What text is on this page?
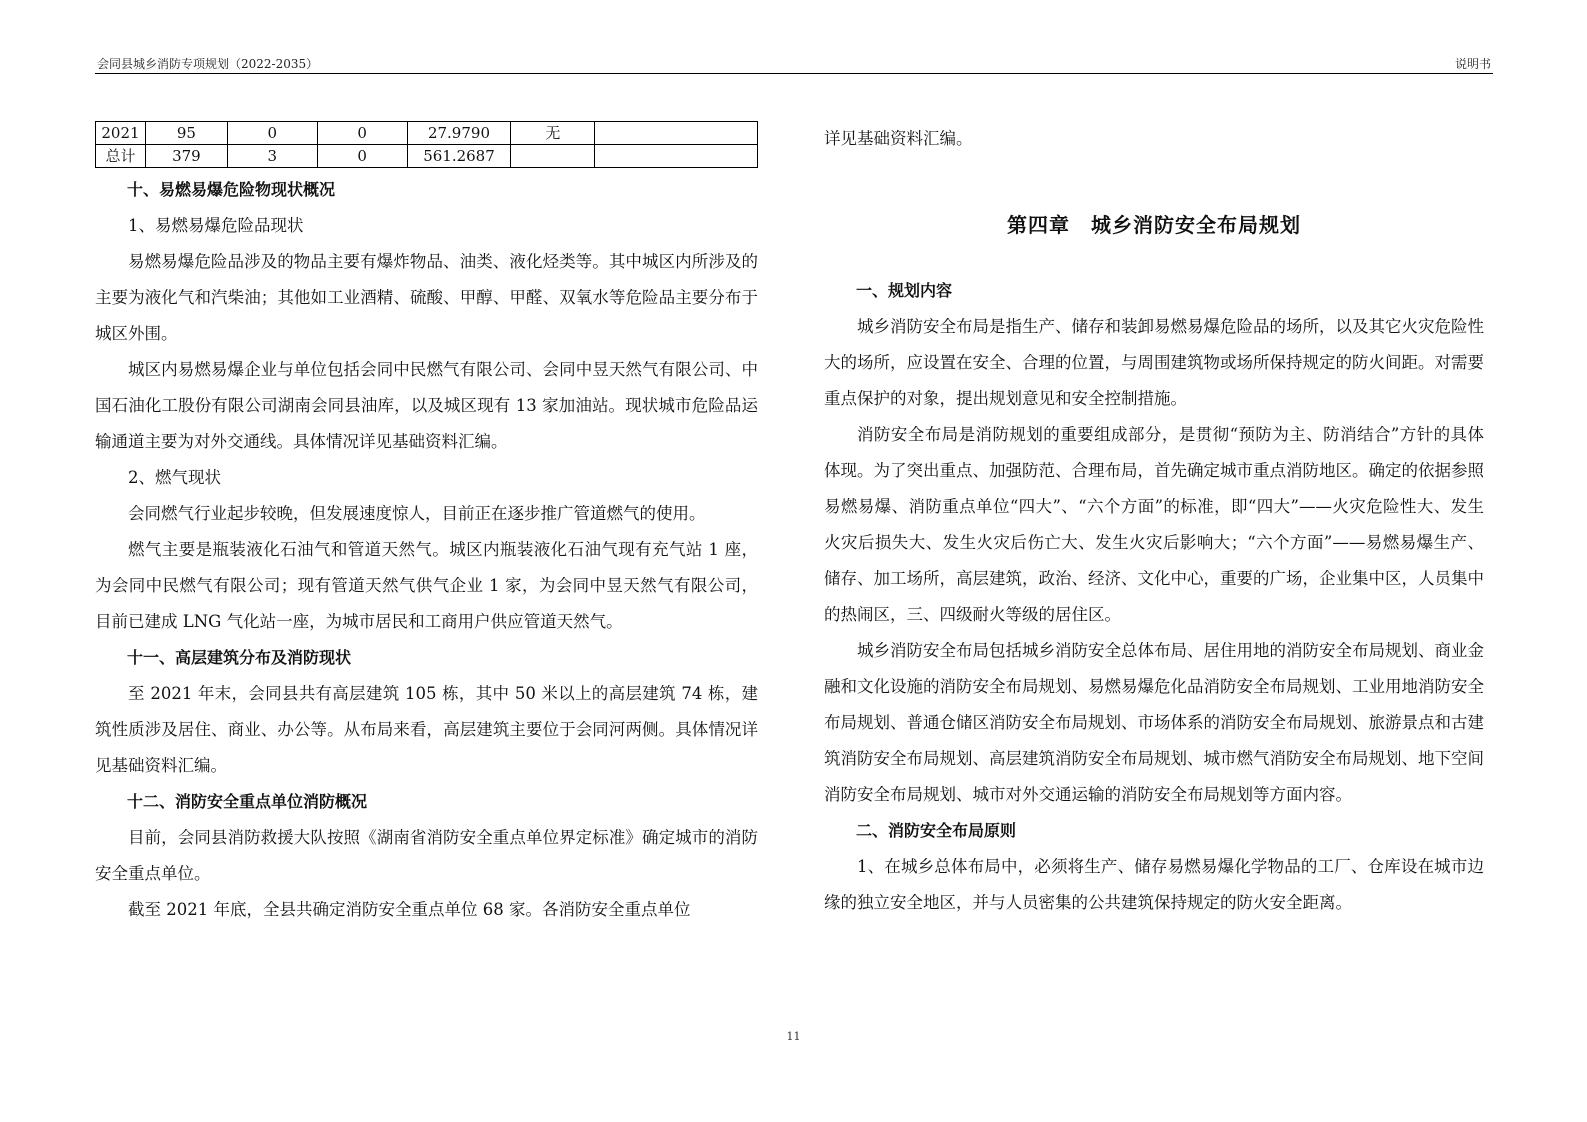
会同县城乡消防专项规划（2022-2035）	说明书
2021	95	0	0	27.9790	无	
总计	379	3	0	561.2687		

十、易燃易爆危险物现状概况

1、易燃易爆危险品现状

易燃易爆危险品涉及的物品主要有爆炸物品、油类、液化烃类等。其中城区内所涉及的主要为液化气和汽柴油；其他如工业酒精、硫酸、甲醇、甲醛、双氧水等危险品主要分布于城区外围。

城区内易燃易爆企业与单位包括会同中民燃气有限公司、会同中昱天然气有限公司、中国石油化工股份有限公司湖南会同县油库，以及城区现有 13 家加油站。现状城市危险品运输通道主要为对外交通线。具体情况详见基础资料汇编。

2、燃气现状

会同燃气行业起步较晚，但发展速度惊人，目前正在逐步推广管道燃气的使用。

燃气主要是瓶装液化石油气和管道天然气。城区内瓶装液化石油气现有充气站 1 座，为会同中民燃气有限公司；现有管道天然气供气企业 1 家，为会同中昱天然气有限公司，目前已建成 LNG 气化站一座，为城市居民和工商用户供应管道天然气。

十一、高层建筑分布及消防现状

至 2021 年末，会同县共有高层建筑 105 栋，其中 50 米以上的高层建筑 74 栋，建筑性质涉及居住、商业、办公等。从布局来看，高层建筑主要位于会同河两侧。具体情况详见基础资料汇编。

十二、消防安全重点单位消防概况

目前，会同县消防救援大队按照《湖南省消防安全重点单位界定标准》确定城市的消防安全重点单位。

截至 2021 年底，全县共确定消防安全重点单位 68 家。各消防安全重点单位

详见基础资料汇编。

第四章　城乡消防安全布局规划

一、规划内容

城乡消防安全布局是指生产、储存和装卸易燃易爆危险品的场所，以及其它火灾危险性大的场所，应设置在安全、合理的位置，与周围建筑物或场所保持规定的防火间距。对需要重点保护的对象，提出规划意见和安全控制措施。

消防安全布局是消防规划的重要组成部分，是贯彻“预防为主、防消结合”方针的具体体现。为了突出重点、加强防范、合理布局，首先确定城市重点消防地区。确定的依据参照易燃易爆、消防重点单位“四大”、“六个方面”的标准，即“四大”——火灾危险性大、发生火灾后损失大、发生火灾后伤亡大、发生火灾后影响大；“六个方面”——易燃易爆生产、储存、加工场所，高层建筑，政治、经济、文化中心，重要的广场，企业集中区，人员集中的热闹区，三、四级耐火等级的居住区。

城乡消防安全布局包括城乡消防安全总体布局、居住用地的消防安全布局规划、商业金融和文化设施的消防安全布局规划、易燃易爆危化品消防安全布局规划、工业用地消防安全布局规划、普通仓储区消防安全布局规划、市场体系的消防安全布局规划、旅游景点和古建筑消防安全布局规划、高层建筑消防安全布局规划、城市燃气消防安全布局规划、地下空间消防安全布局规划、城市对外交通运输的消防安全布局规划等方面内容。

二、消防安全布局原则

1、在城乡总体布局中，必须将生产、储存易燃易爆化学物品的工厂、仓库设在城市边缘的独立安全地区，并与人员密集的公共建筑保持规定的防火安全距离。

11
